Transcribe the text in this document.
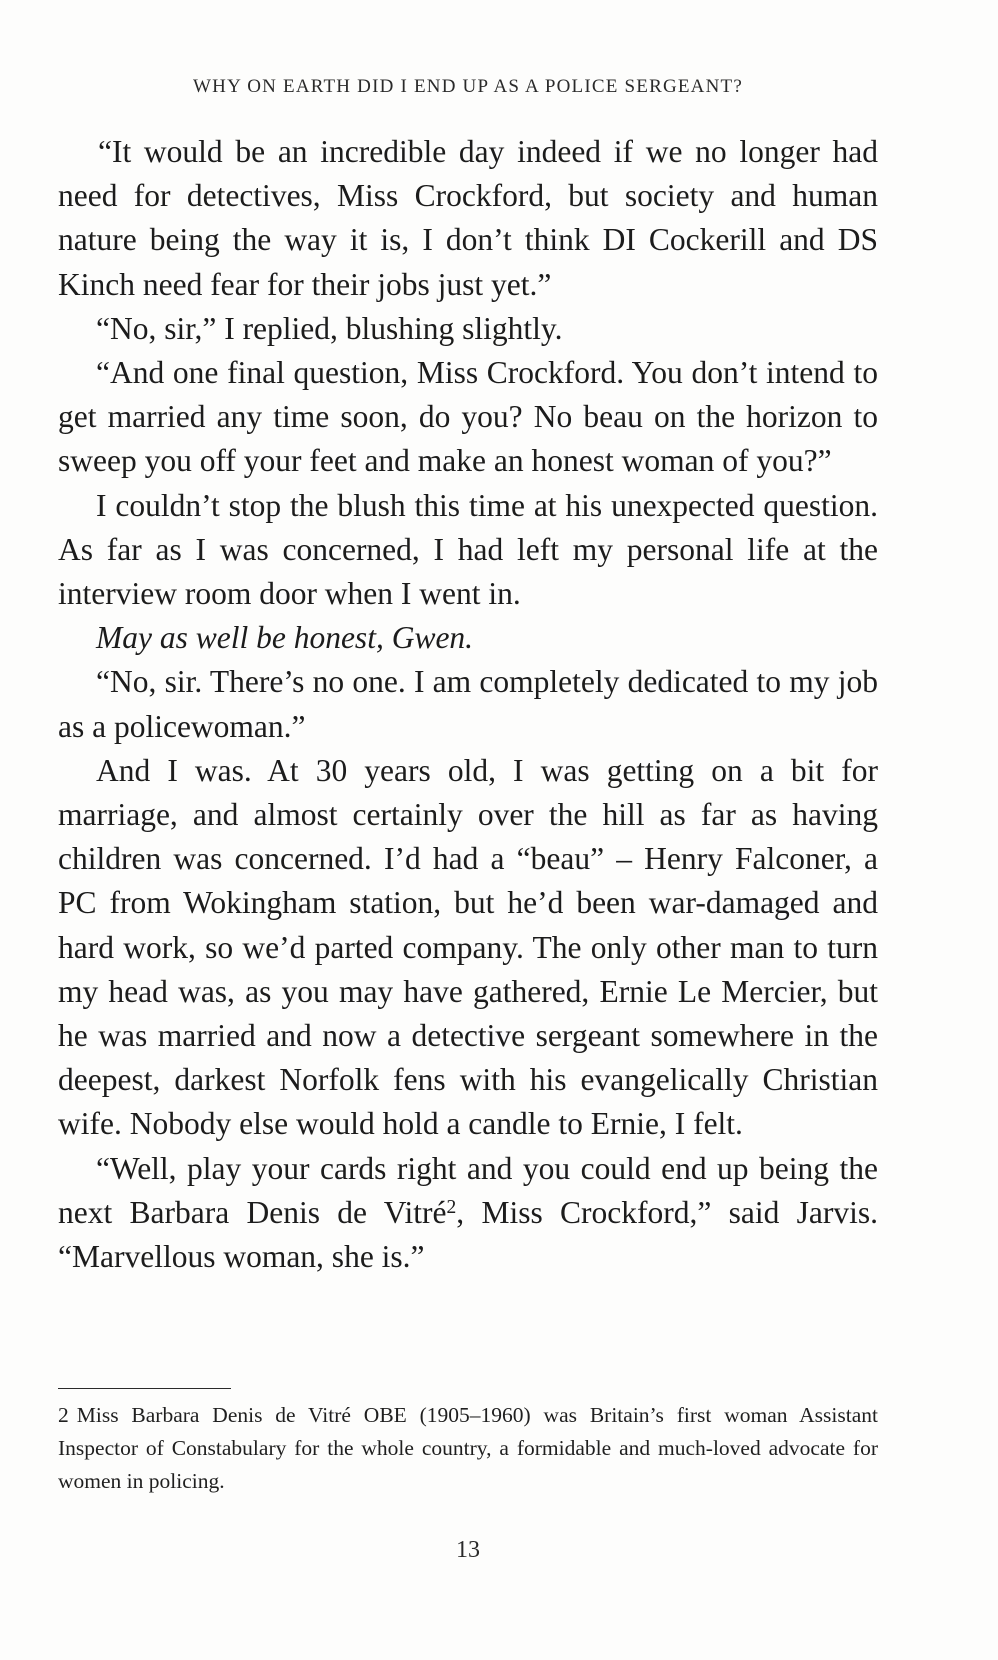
WHY ON EARTH DID I END UP AS A POLICE SERGEANT?

“It would be an incredible day indeed if we no longer had need for detectives, Miss Crockford, but society and human nature being the way it is, I don’t think DI Cockerill and DS Kinch need fear for their jobs just yet.”

“No, sir,” I replied, blushing slightly.

“And one final question, Miss Crockford. You don’t intend to get married any time soon, do you? No beau on the horizon to sweep you off your feet and make an honest woman of you?”

I couldn’t stop the blush this time at his unexpected question. As far as I was concerned, I had left my personal life at the interview room door when I went in.

May as well be honest, Gwen.

“No, sir. There’s no one. I am completely dedicated to my job as a policewoman.”

And I was. At 30 years old, I was getting on a bit for marriage, and almost certainly over the hill as far as having children was concerned. I’d had a “beau” – Henry Falconer, a PC from Wokingham station, but he’d been war-damaged and hard work, so we’d parted company. The only other man to turn my head was, as you may have gathered, Ernie Le Mercier, but he was married and now a detective sergeant somewhere in the deepest, darkest Norfolk fens with his evangelically Christian wife. Nobody else would hold a candle to Ernie, I felt.

“Well, play your cards right and you could end up being the next Barbara Denis de Vitré$^2$, Miss Crockford,” said Jarvis. “Marvellous woman, she is.”

2 Miss Barbara Denis de Vitré OBE (1905–1960) was Britain’s first woman Assistant Inspector of Constabulary for the whole country, a formidable and much-loved advocate for women in policing.
13
